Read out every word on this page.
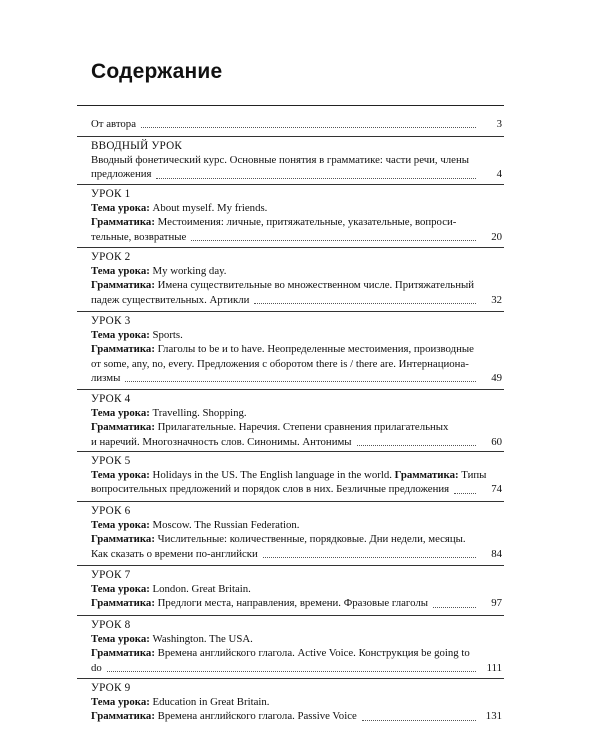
Содержание
От автора	3
ВВОДНЫЙ УРОК
Вводный фонетический курс. Основные понятия в грамматике: части речи, члены
предложения	4
УРОК 1
Тема урока: About myself. My friends.
Грамматика: Местоимения: личные, притяжательные, указательные, вопроси-
тельные, возвратные	20
УРОК 2
Тема урока: My working day.
Грамматика: Имена существительные во множественном числе. Притяжательный
падеж существительных. Артикли	32
УРОК 3
Тема урока: Sports.
Грамматика: Глаголы to be и to have. Неопределенные местоимения, производные
от some, any, no, every. Предложения с оборотом there is / there are. Интернациона-
лизмы	49
УРОК 4
Тема урока: Travelling. Shopping.
Грамматика: Прилагательные. Наречия. Степени сравнения прилагательных
и наречий. Многозначность слов. Синонимы. Антонимы	60
УРОК 5
Тема урока: Holidays in the US. The English language in the world. Грамматика: Типы
вопросительных предложений и порядок слов в них. Безличные предложения	74
УРОК 6
Тема урока: Moscow. The Russian Federation.
Грамматика: Числительные: количественные, порядковые. Дни недели, месяцы.
Как сказать о времени по-английски	84
УРОК 7
Тема урока: London. Great Britain.
Грамматика: Предлоги места, направления, времени. Фразовые глаголы	97
УРОК 8
Тема урока: Washington. The USA.
Грамматика: Времена английского глагола. Active Voice. Конструкция be going to
do	111
УРОК 9
Тема урока: Education in Great Britain.
Грамматика: Времена английского глагола. Passive Voice	131
